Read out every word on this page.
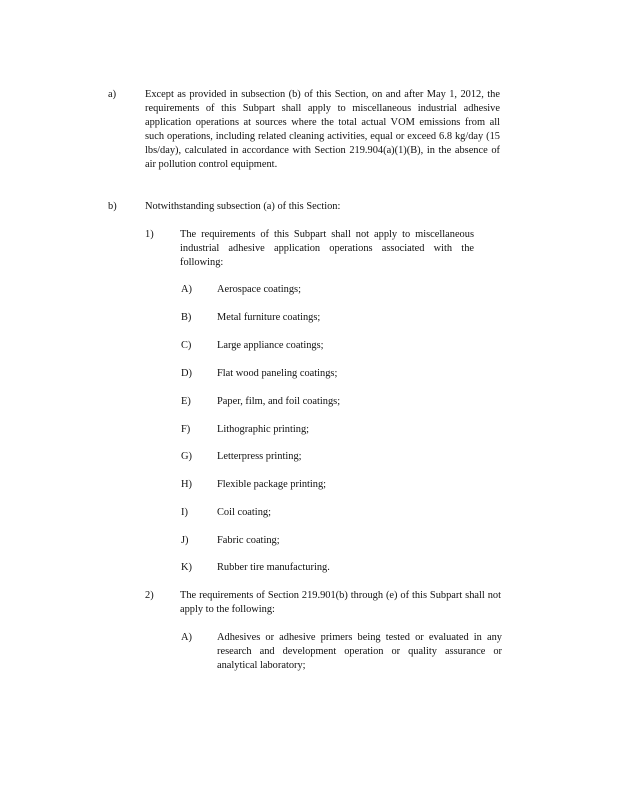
a)	Except as provided in subsection (b) of this Section, on and after May 1, 2012, the requirements of this Subpart shall apply to miscellaneous industrial adhesive application operations at sources where the total actual VOM emissions from all such operations, including related cleaning activities, equal or exceed 6.8 kg/day (15 lbs/day), calculated in accordance with Section 219.904(a)(1)(B), in the absence of air pollution control equipment.
b)	Notwithstanding subsection (a) of this Section:
1)	The requirements of this Subpart shall not apply to miscellaneous industrial adhesive application operations associated with the following:
A) Aerospace coatings;
B) Metal furniture coatings;
C) Large appliance coatings;
D) Flat wood paneling coatings;
E)	Paper, film, and foil coatings;
F)	Lithographic printing;
G) Letterpress printing;
H) Flexible package printing;
I)	Coil coating;
J)	Fabric coating;
K) Rubber tire manufacturing.
2)	The requirements of Section 219.901(b) through (e) of this Subpart shall not apply to the following:
A) Adhesives or adhesive primers being tested or evaluated in any research and development operation or quality assurance or analytical laboratory;
